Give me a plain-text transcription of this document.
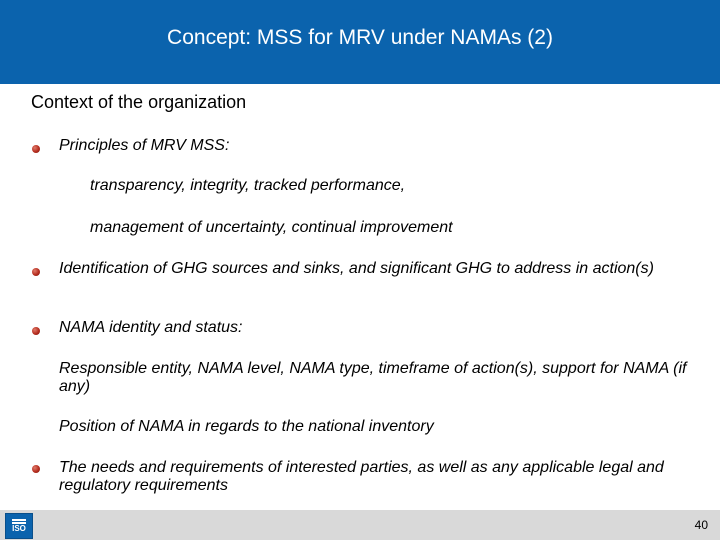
Concept: MSS for MRV under NAMAs (2)
Context of the organization
Principles of MRV MSS:
transparency, integrity, tracked performance,
management of uncertainty, continual improvement
Identification of GHG sources and sinks, and significant GHG to address in action(s)
NAMA identity and status:
Responsible entity, NAMA level, NAMA type, timeframe of action(s), support for NAMA (if any)
Position of NAMA in regards to the national inventory
The needs and requirements of interested parties, as well as any applicable legal and regulatory requirements
ISO	40
